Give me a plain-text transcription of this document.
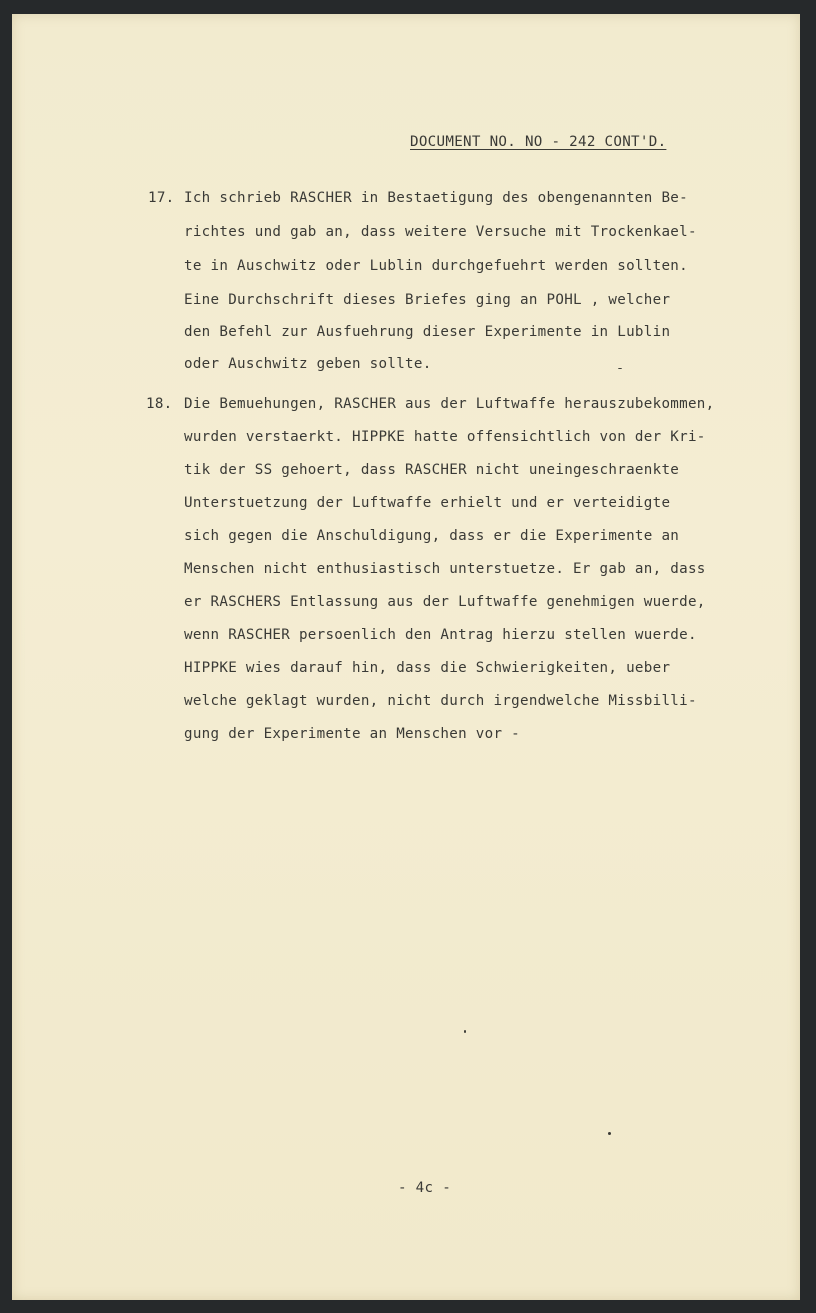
DOCUMENT NO. NO - 242 CONT'D.
17. Ich schrieb RASCHER in Bestaetigung des obengenannten Be-
richtes und gab an, dass weitere Versuche mit Trockenkael-
te in Auschwitz oder Lublin durchgefuehrt werden sollten.
Eine Durchschrift dieses Briefes ging an POHL , welcher
den Befehl zur Ausfuehrung dieser Experimente in Lublin
oder Auschwitz geben sollte.
18. Die Bemuehungen, RASCHER aus der Luftwaffe herauszubekommen,
wurden verstaerkt. HIPPKE hatte offensichtlich von der Kri-
tik der SS gehoert, dass RASCHER nicht uneingeschraenkte
Unterstuetzung der Luftwaffe erhielt und er verteidigte
sich gegen die Anschuldigung, dass er die Experimente an
Menschen nicht enthusiastisch unterstuetze. Er gab an, dass
er RASCHERS Entlassung aus der Luftwaffe genehmigen wuerde,
wenn RASCHER persoenlich den Antrag hierzu stellen wuerde.
HIPPKE wies darauf hin, dass die Schwierigkeiten, ueber
welche geklagt wurden, nicht durch irgendwelche Missbilli-
gung der Experimente an Menschen vor -
- 4c -
